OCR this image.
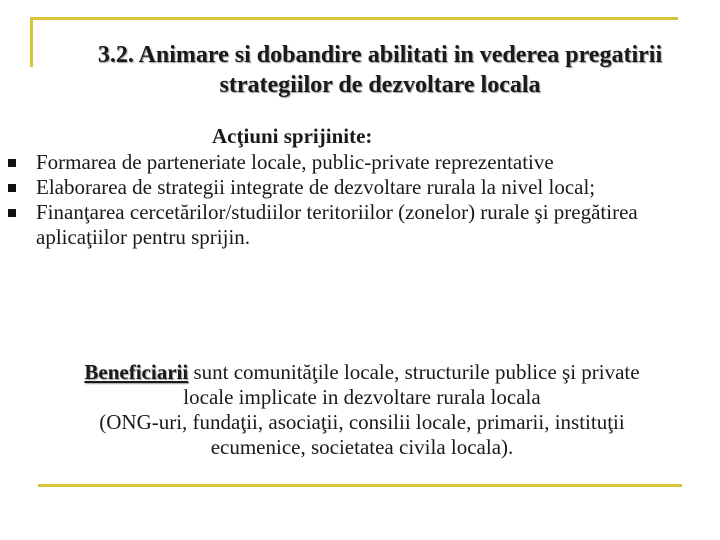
3.2. Animare si dobandire abilitati in vederea pregatirii
strategiilor de dezvoltare locala
Acţiuni sprijinite:
Formarea de parteneriate locale, public-private reprezentative
Elaborarea de strategii integrate de dezvoltare rurala la nivel local;
Finanţarea cercetărilor/studiilor teritoriilor (zonelor) rurale şi pregătirea aplicaţiilor pentru sprijin.
Beneficiarii sunt comunităţile locale, structurile publice şi private
locale implicate in dezvoltare rurala locala
(ONG-uri, fundaţii, asociaţii, consilii locale, primarii, instituţii
ecumenice, societatea civila locala).
